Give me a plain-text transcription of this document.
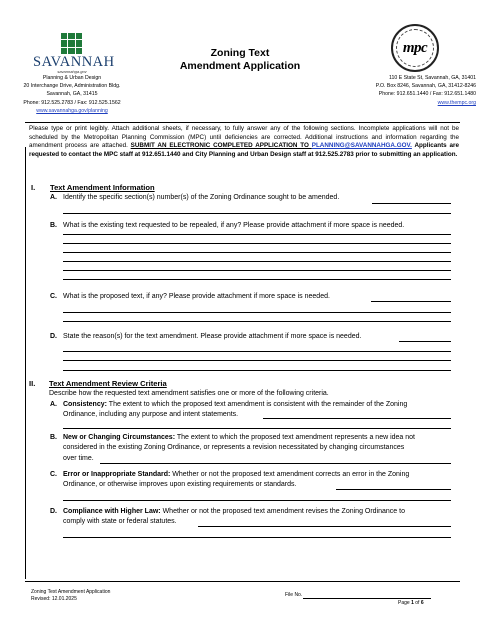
SAVANNAH
savannahga.gov
Planning & Urban Design
20 Interchange Drive, Administration Bldg.
Savannah, GA, 31415
Phone: 912.525.2783 / Fax: 912.525.1562
www.savannahga.gov/planning
Zoning Text
Amendment Application
mpc
110 E State St, Savannah, GA, 31401
P.O. Box 8246, Savannah, GA, 31412-8246
Phone: 912.651.1440 / Fax: 912.651.1480
www.thempc.org
Please type or print legibly. Attach additional sheets, if necessary, to fully answer any of the following sections. Incomplete applications will not be scheduled by the Metropolitan Planning Commission (MPC) until deficiencies are corrected. Additional instructions and information regarding the amendment process are attached. SUBMIT AN ELECTRONIC COMPLETED APPLICATION TO PLANNING@SAVANNAHGA.GOV. Applicants are requested to contact the MPC staff at 912.651.1440 and City Planning and Urban Design staff at 912.525.2783 prior to submitting an application.
I. Text Amendment Information
A. Identify the specific section(s) number(s) of the Zoning Ordinance sought to be amended.
B. What is the existing text requested to be repealed, if any? Please provide attachment if more space is needed.
C. What is the proposed text, if any? Please provide attachment if more space is needed.
D. State the reason(s) for the text amendment. Please provide attachment if more space is needed.
II. Text Amendment Review Criteria
Describe how the requested text amendment satisfies one or more of the following criteria.
A. Consistency: The extent to which the proposed text amendment is consistent with the remainder of the Zoning
Ordinance, including any purpose and intent statements.
B. New or Changing Circumstances: The extent to which the proposed text amendment represents a new idea not
considered in the existing Zoning Ordinance, or represents a revision necessitated by changing circumstances
over time.
C. Error or Inappropriate Standard: Whether or not the proposed text amendment corrects an error in the Zoning
Ordinance, or otherwise improves upon existing requirements or standards.
D. Compliance with Higher Law: Whether or not the proposed text amendment revises the Zoning Ordinance to
comply with state or federal statutes.
Zoning Text Amendment Application
Revised: 12.01.2025
File No.
Page 1 of 6
